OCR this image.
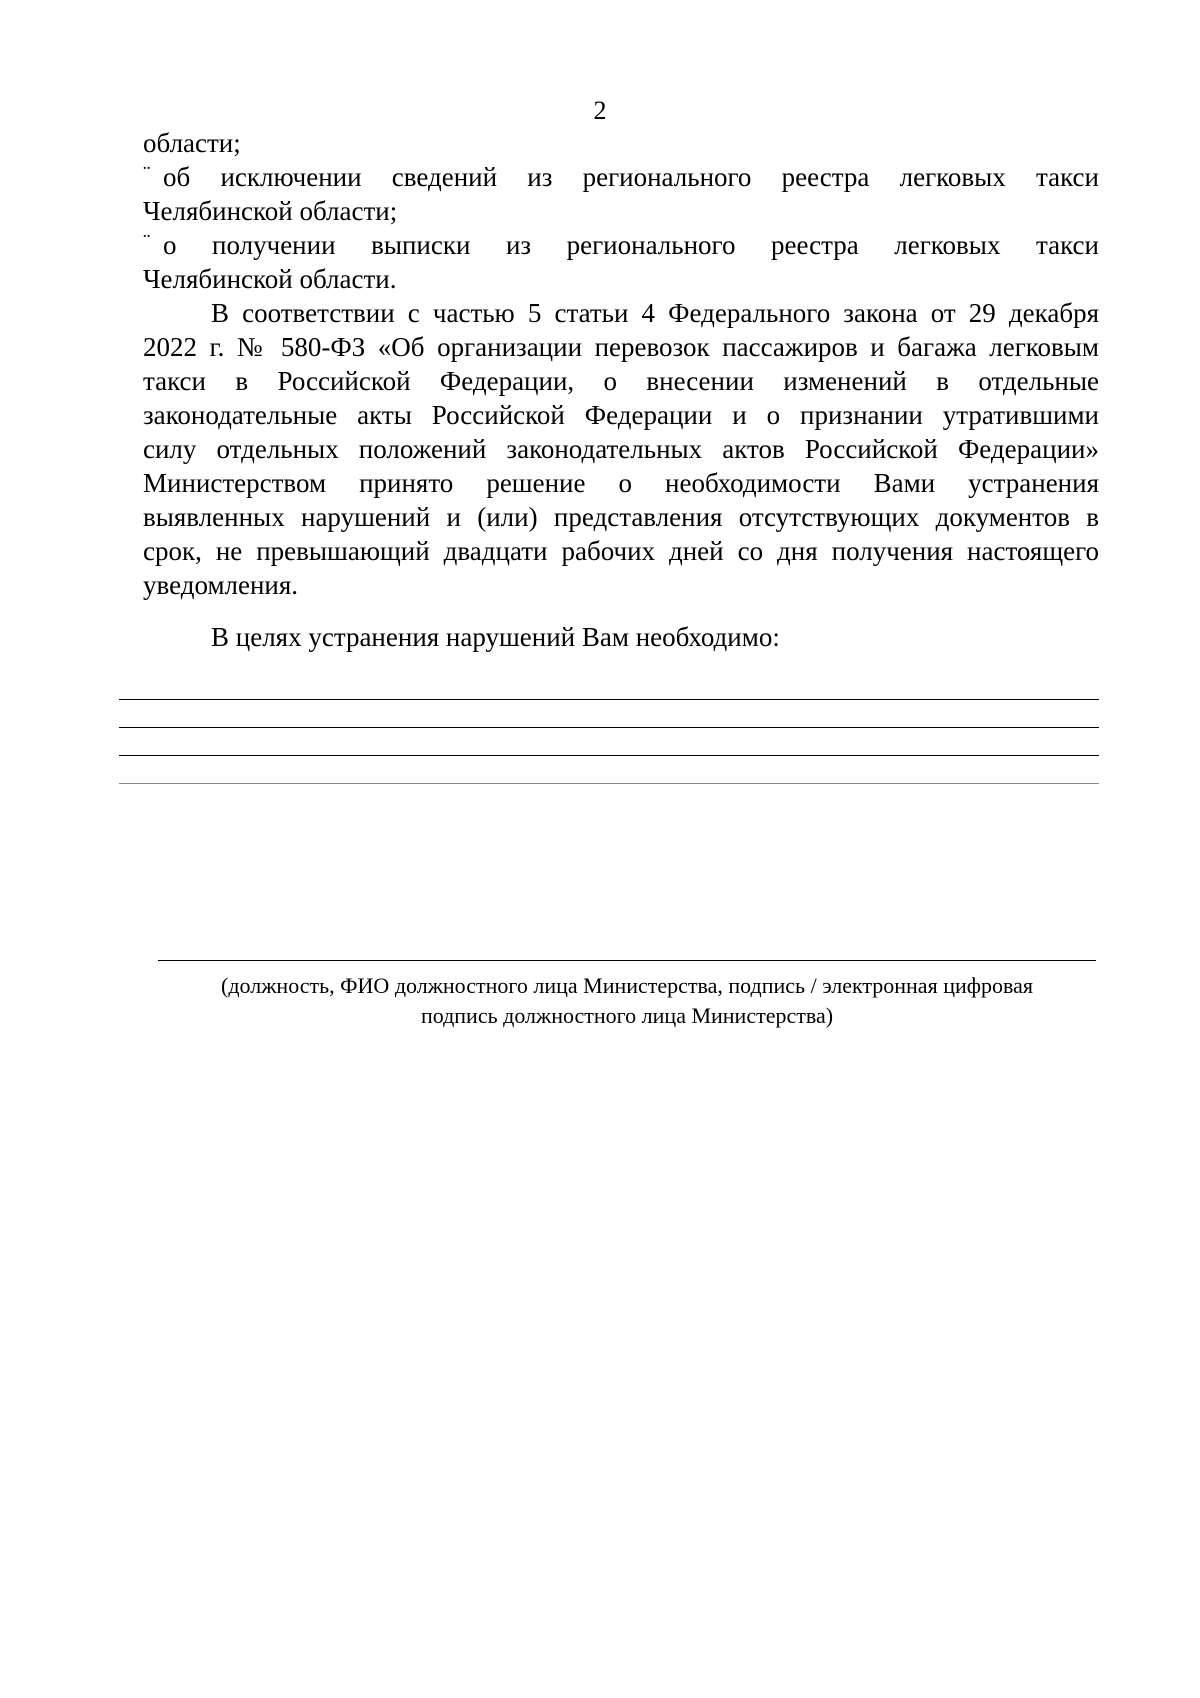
2
области;
¨ об исключении сведений из регионального реестра легковых такси
Челябинской области;
¨ о получении выписки из регионального реестра легковых такси
Челябинской области.
В соответствии с частью 5 статьи 4 Федерального закона от 29 декабря
2022 г. № 580-ФЗ «Об организации перевозок пассажиров и багажа легковым
такси в Российской Федерации, о внесении изменений в отдельные
законодательные акты Российской Федерации и о признании утратившими
силу отдельных положений законодательных актов Российской Федерации»
Министерством принято решение о необходимости Вами устранения
выявленных нарушений и (или) представления отсутствующих документов в
срок, не превышающий двадцати рабочих дней со дня получения настоящего
уведомления.
В целях устранения нарушений Вам необходимо:
(должность, ФИО должностного лица Министерства, подпись / электронная цифровая
подпись должностного лица Министерства)
